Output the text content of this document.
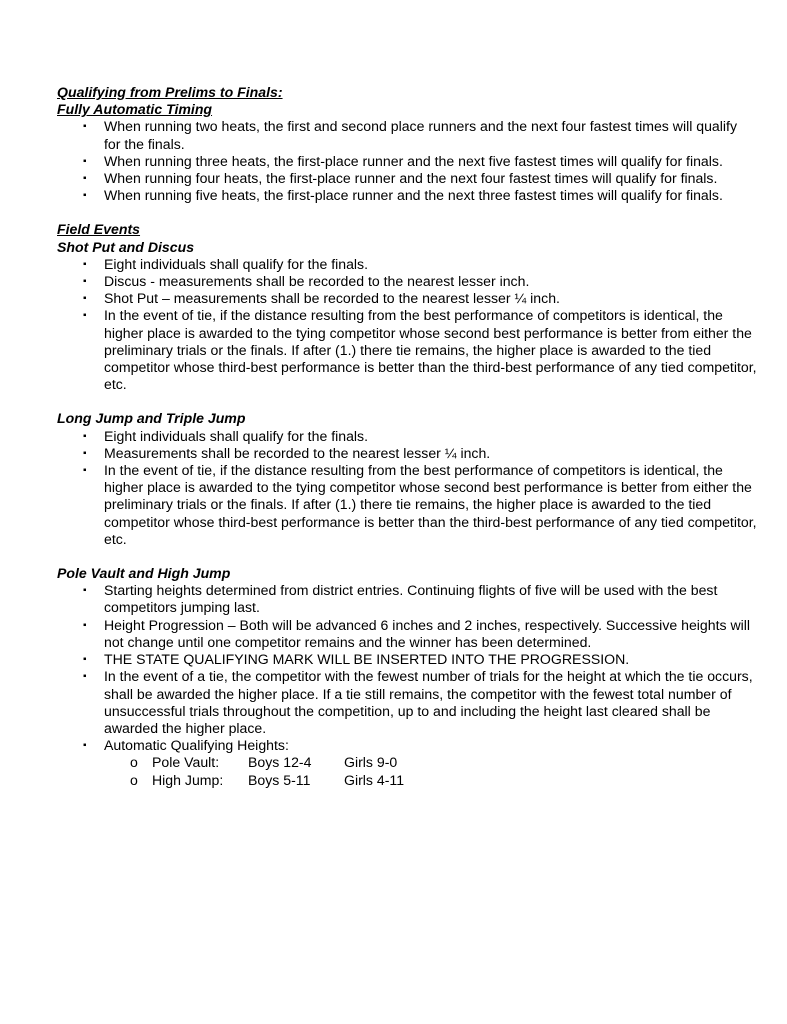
Qualifying from Prelims to Finals:

Fully Automatic Timing

▪	When running two heats, the first and second place runners and the next four fastest times will qualify for the finals.
▪	When running three heats, the first-place runner and the next five fastest times will qualify for finals.
▪	When running four heats, the first-place runner and the next four fastest times will qualify for finals.
▪	When running five heats, the first-place runner and the next three fastest times will qualify for finals.

Field Events

Shot Put and Discus

▪	Eight individuals shall qualify for the finals.
▪	Discus - measurements shall be recorded to the nearest lesser inch.
▪	Shot Put – measurements shall be recorded to the nearest lesser ¼ inch.
▪	In the event of tie, if the distance resulting from the best performance of competitors is identical, the higher place is awarded to the tying competitor whose second best performance is better from either the preliminary trials or the finals. If after (1.) there tie remains, the higher place is awarded to the tied competitor whose third-best performance is better than the third-best performance of any tied competitor, etc.

Long Jump and Triple Jump

▪	Eight individuals shall qualify for the finals.
▪	Measurements shall be recorded to the nearest lesser ¼ inch.
▪	In the event of tie, if the distance resulting from the best performance of competitors is identical, the higher place is awarded to the tying competitor whose second best performance is better from either the preliminary trials or the finals. If after (1.) there tie remains, the higher place is awarded to the tied competitor whose third-best performance is better than the third-best performance of any tied competitor, etc.

Pole Vault and High Jump

▪	Starting heights determined from district entries. Continuing flights of five will be used with the best competitors jumping last.
▪	Height Progression – Both will be advanced 6 inches and 2 inches, respectively. Successive heights will not change until one competitor remains and the winner has been determined.
▪	THE STATE QUALIFYING MARK WILL BE INSERTED INTO THE PROGRESSION.
▪	In the event of a tie, the competitor with the fewest number of trials for the height at which the tie occurs, shall be awarded the higher place. If a tie still remains, the competitor with the fewest total number of unsuccessful trials throughout the competition, up to and including the height last cleared shall be awarded the higher place.
▪	Automatic Qualifying Heights:
o Pole Vault: Boys 12-4 Girls 9-0
o High Jump: Boys 5-11 Girls 4-11
